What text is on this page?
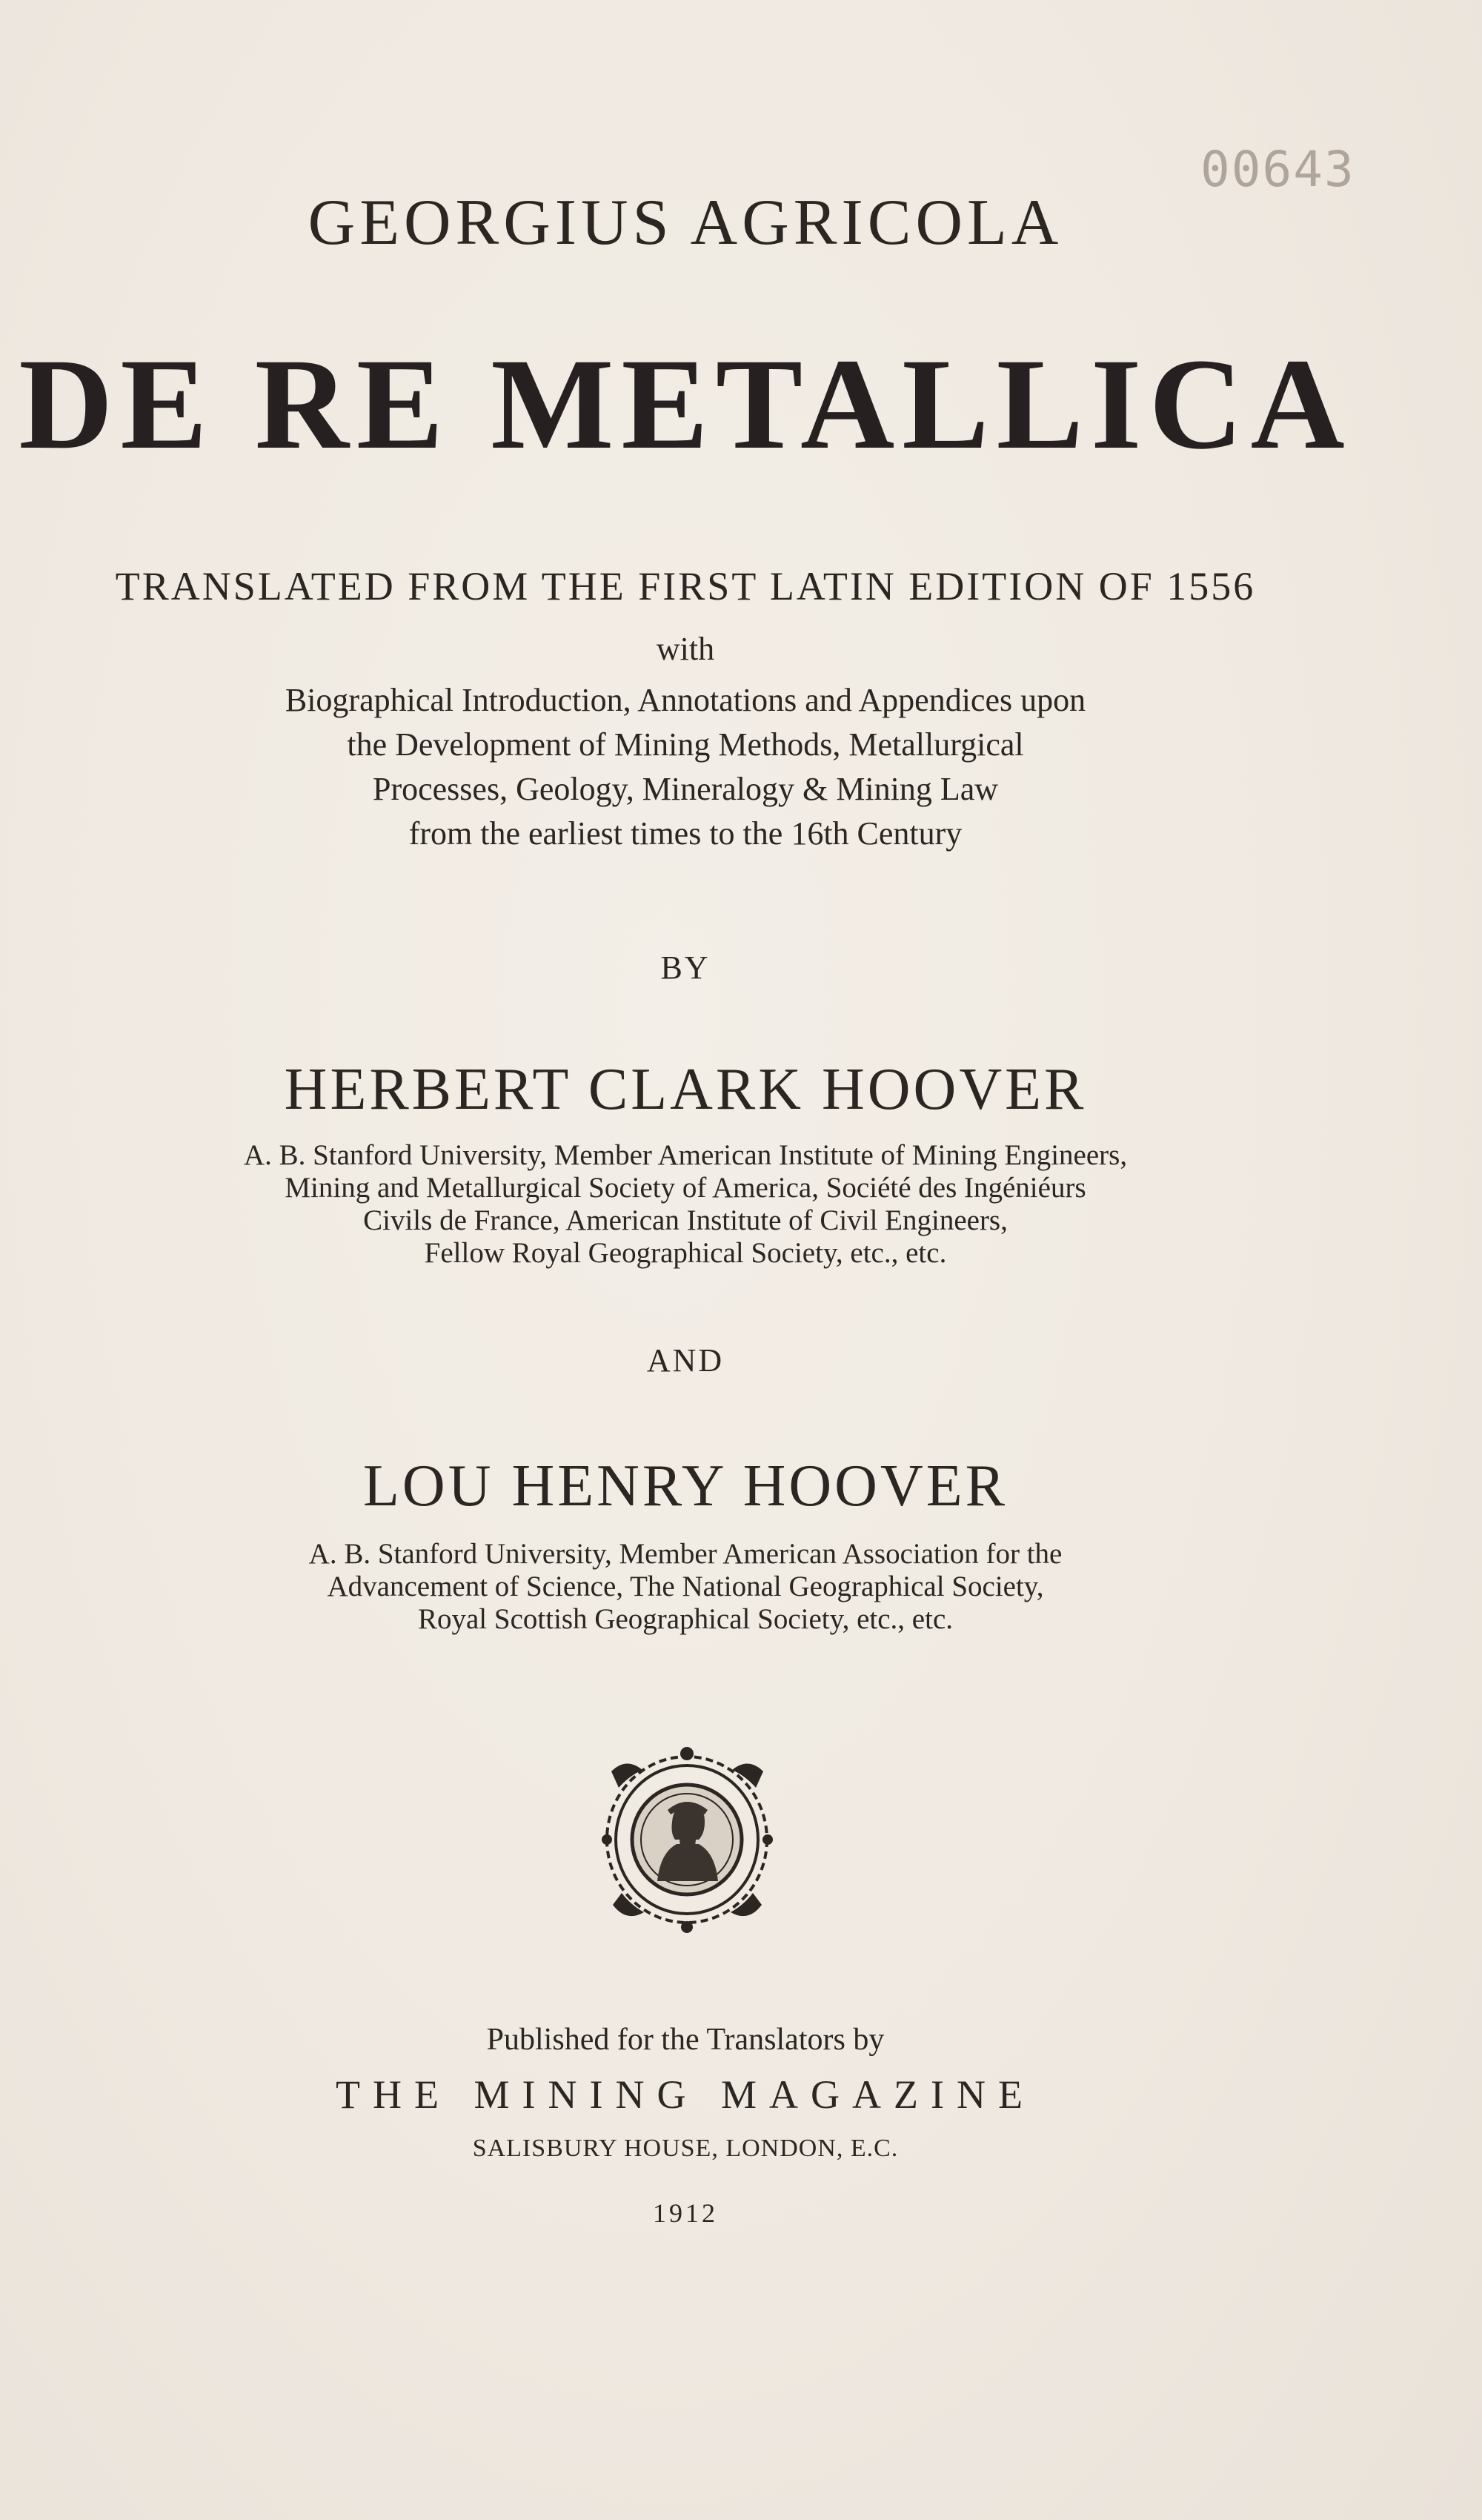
00643
GEORGIUS AGRICOLA
DE RE METALLICA
TRANSLATED FROM THE FIRST LATIN EDITION OF 1556
with
Biographical Introduction, Annotations and Appendices upon
the Development of Mining Methods, Metallurgical
Processes, Geology, Mineralogy & Mining Law
from the earliest times to the 16th Century
BY
HERBERT CLARK HOOVER
A. B. Stanford University, Member American Institute of Mining Engineers,
Mining and Metallurgical Society of America, Société des Ingéniéurs
Civils de France, American Institute of Civil Engineers,
Fellow Royal Geographical Society, etc., etc.
AND
LOU HENRY HOOVER
A. B. Stanford University, Member American Association for the
Advancement of Science, The National Geographical Society,
Royal Scottish Geographical Society, etc., etc.
Published for the Translators by
THE MINING MAGAZINE
SALISBURY HOUSE, LONDON, E.C.
1912
